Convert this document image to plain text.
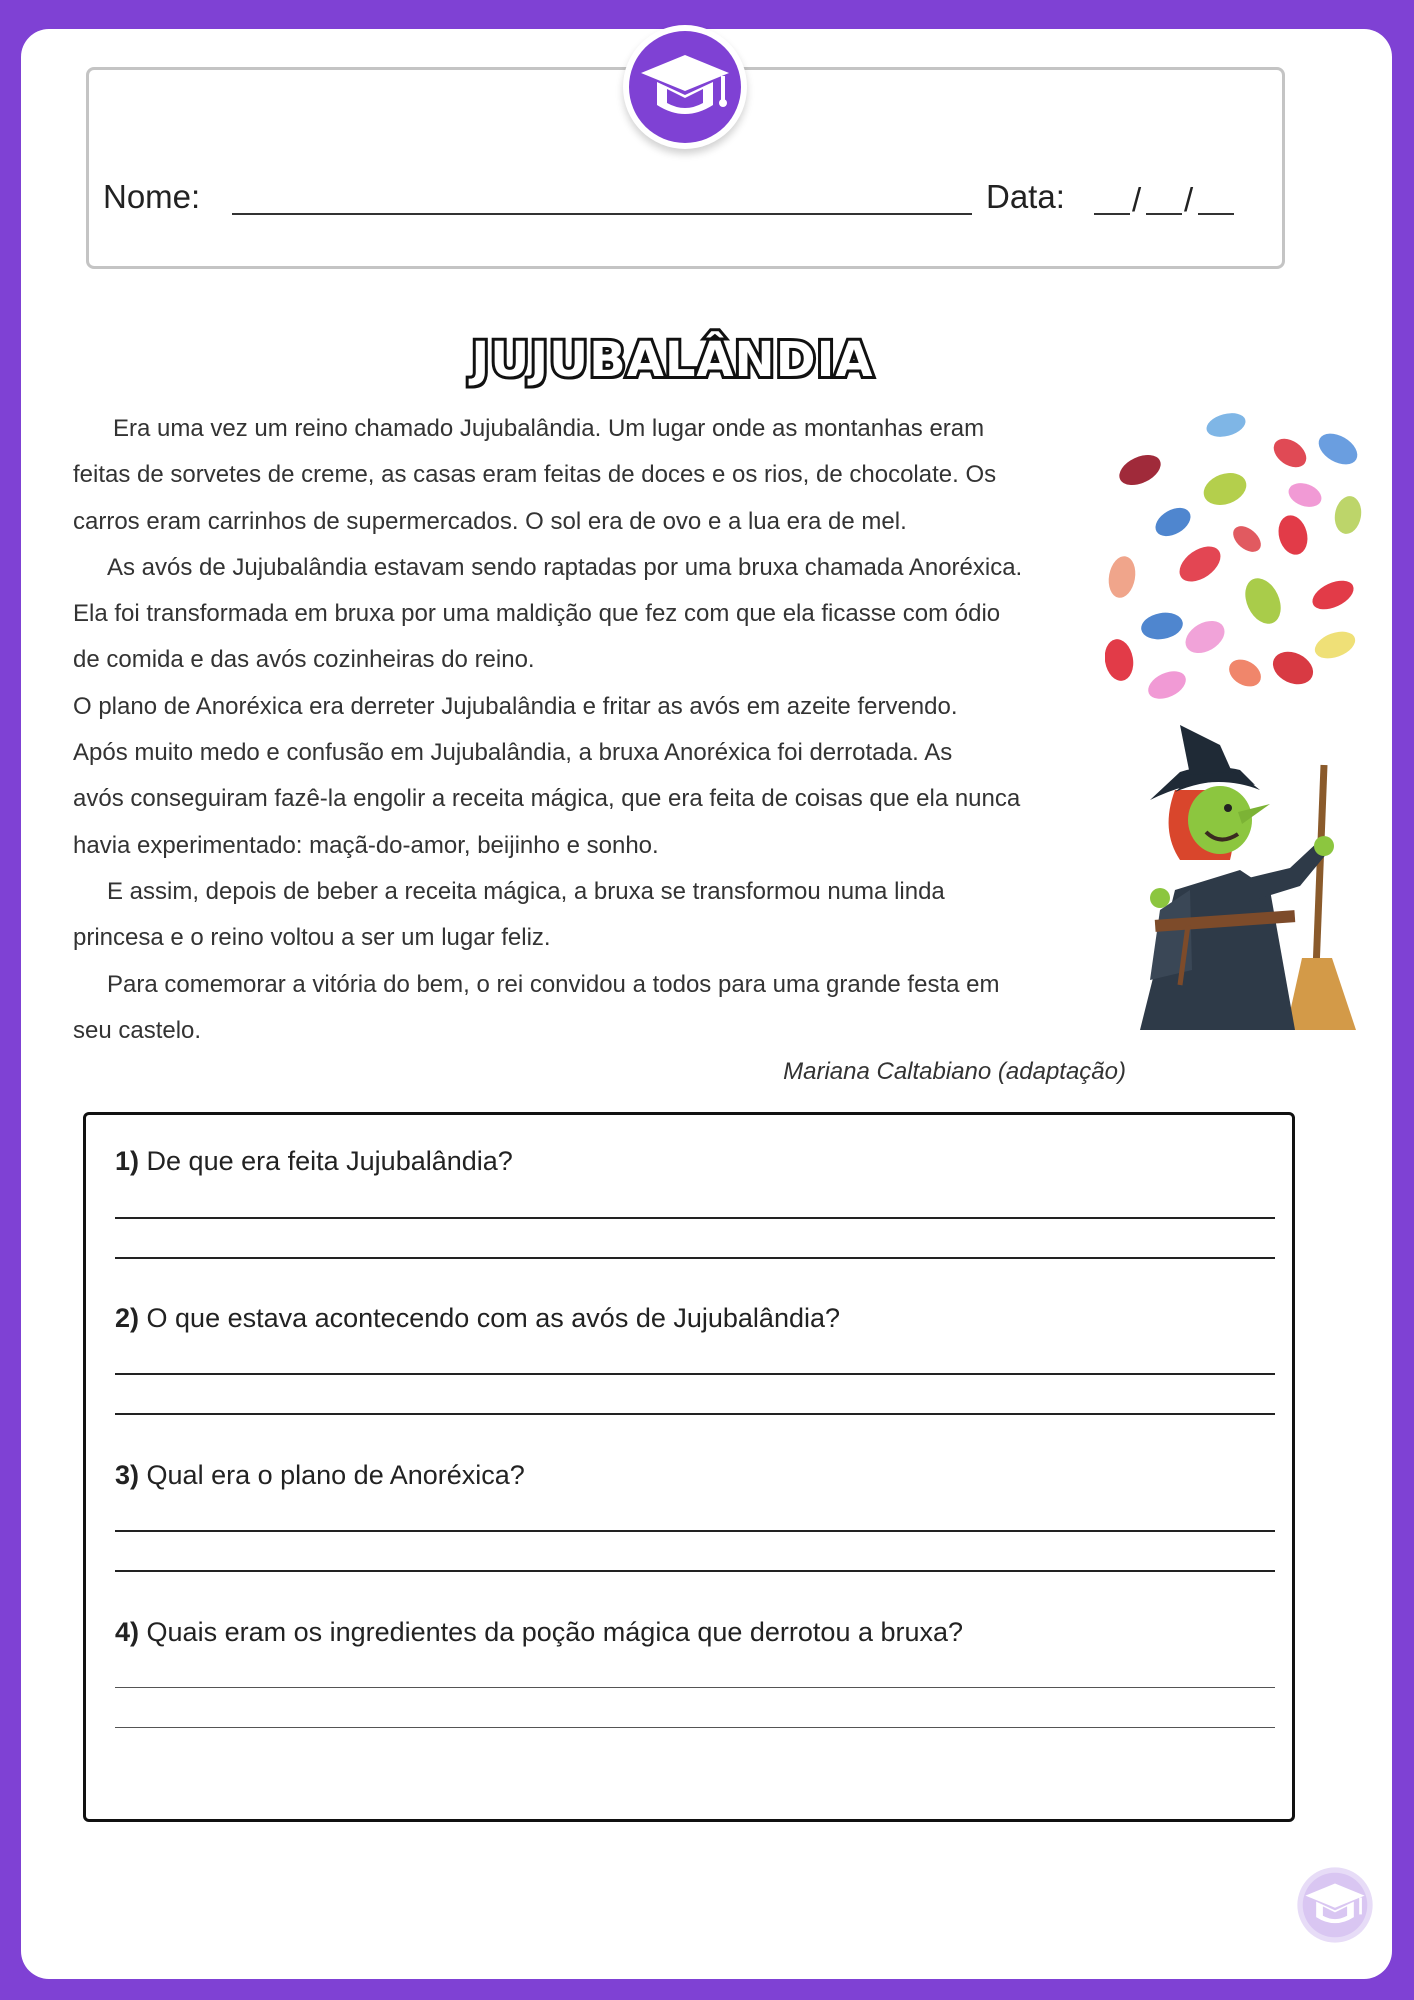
Nome:	Data: / /
JUJUBALÂNDIA

Era uma vez um reino chamado Jujubalândia. Um lugar onde as montanhas eram

feitas de sorvetes de creme, as casas eram feitas de doces e os rios, de chocolate. Os

carros eram carrinhos de supermercados. O sol era de ovo e a lua era de mel.

As avós de Jujubalândia estavam sendo raptadas por uma bruxa chamada Anoréxica.

Ela foi transformada em bruxa por uma maldição que fez com que ela ficasse com ódio

de comida e das avós cozinheiras do reino.

O plano de Anoréxica era derreter Jujubalândia e fritar as avós em azeite fervendo.

Após muito medo e confusão em Jujubalândia, a bruxa Anoréxica foi derrotada. As

avós conseguiram fazê-la engolir a receita mágica, que era feita de coisas que ela nunca

havia experimentado: maçã-do-amor, beijinho e sonho.

E assim, depois de beber a receita mágica, a bruxa se transformou numa linda

princesa e o reino voltou a ser um lugar feliz.

Para comemorar a vitória do bem, o rei convidou a todos para uma grande festa em

seu castelo.

Mariana Caltabiano (adaptação)
1) De que era feita Jujubalândia?
2) O que estava acontecendo com as avós de Jujubalândia?
3) Qual era o plano de Anoréxica?
4) Quais eram os ingredientes da poção mágica que derrotou a bruxa?
